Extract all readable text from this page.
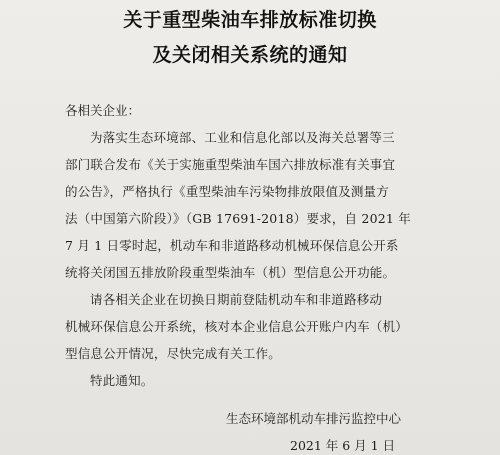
关于重型柴油车排放标准切换
及关闭相关系统的通知
各相关企业：
为落实生态环境部、工业和信息化部以及海关总署等三
部门联合发布《关于实施重型柴油车国六排放标准有关事宜
的公告》，严格执行《重型柴油车污染物排放限值及测量方
法（中国第六阶段）》（GB 17691-2018）要求，自 2021 年
7 月 1 日零时起，机动车和非道路移动机械环保信息公开系
统将关闭国五排放阶段重型柴油车（机）型信息公开功能。
请各相关企业在切换日期前登陆机动车和非道路移动
机械环保信息公开系统，核对本企业信息公开账户内车（机）
型信息公开情况，尽快完成有关工作。
特此通知。
生态环境部机动车排污监控中心
2021 年 6 月 1 日
